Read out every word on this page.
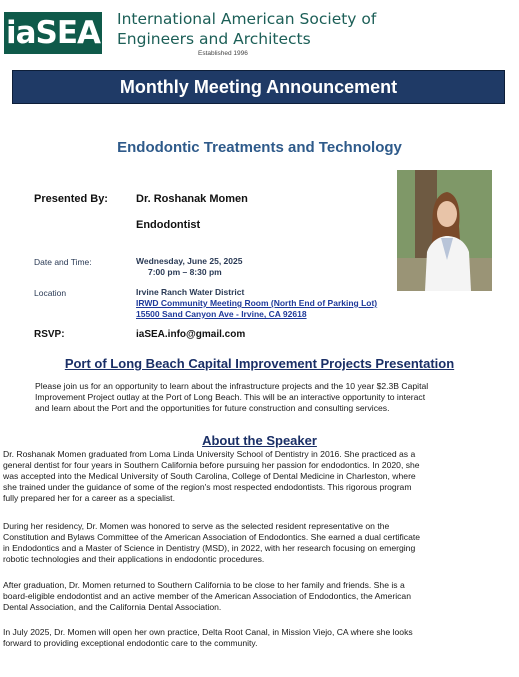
iaSEA International American Society of
Engineers and Architects
Established 1996
Monthly Meeting Announcement
Endodontic Treatments and Technology
Presented By:	Dr. Roshanak Momen
Endodontist
Date and Time:	Wednesday, June 25, 2025
7:00 pm – 8:30 pm
Location	Irvine Ranch Water District
IRWD Community Meeting Room (North End of Parking Lot)
15500 Sand Canyon Ave - Irvine, CA 92618
RSVP:	iaSEA.info@gmail.com
Port of Long Beach Capital Improvement Projects Presentation
Please join us for an opportunity to learn about the infrastructure projects and the 10 year $2.3B Capital
Improvement Project outlay at the Port of Long Beach. This will be an interactive opportunity to interact
and learn about the Port and the opportunities for future construction and consulting services.
About the Speaker
Dr. Roshanak Momen graduated from Loma Linda University School of Dentistry in 2016. She practiced as a
general dentist for four years in Southern California before pursuing her passion for endodontics. In 2020, she
was accepted into the Medical University of South Carolina, College of Dental Medicine in Charleston, where
she trained under the guidance of some of the region's most respected endodontists. This rigorous program
fully prepared her for a career as a specialist.
During her residency, Dr. Momen was honored to serve as the selected resident representative on the
Constitution and Bylaws Committee of the American Association of Endodontics. She earned a dual certificate
in Endodontics and a Master of Science in Dentistry (MSD), in 2022, with her research focusing on emerging
robotic technologies and their applications in endodontic procedures.
After graduation, Dr. Momen returned to Southern California to be close to her family and friends. She is a
board-eligible endodontist and an active member of the American Association of Endodontics, the American
Dental Association, and the California Dental Association.
In July 2025, Dr. Momen will open her own practice, Delta Root Canal, in Mission Viejo, CA where she looks
forward to providing exceptional endodontic care to the community.
